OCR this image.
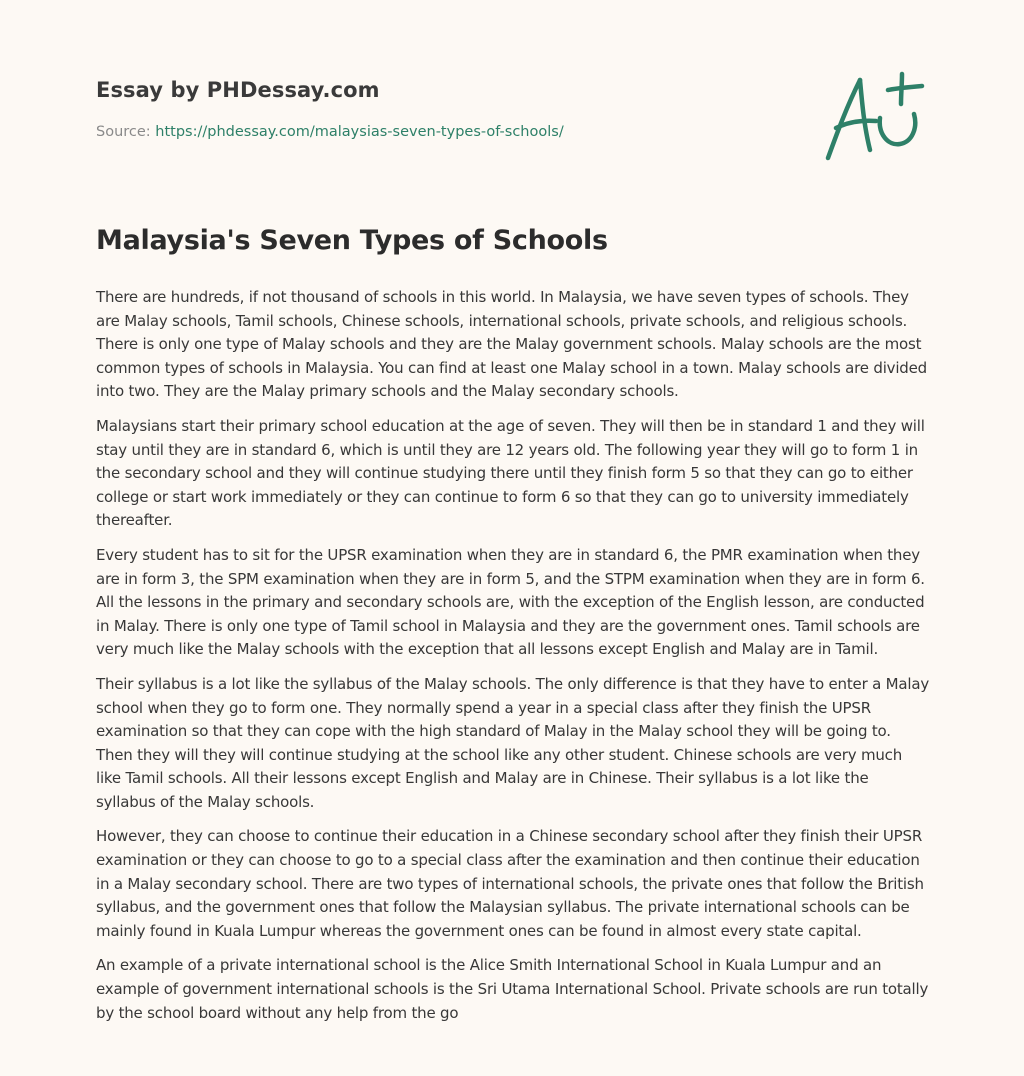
Essay by PHDessay.com
Source: https://phdessay.com/malaysias-seven-types-of-schools/
Malaysia's Seven Types of Schools

There are hundreds, if not thousand of schools in this world. In Malaysia, we have seven types of schools. They are Malay schools, Tamil schools, Chinese schools, international schools, private schools, and religious schools. There is only one type of Malay schools and they are the Malay government schools. Malay schools are the most common types of schools in Malaysia. You can find at least one Malay school in a town. Malay schools are divided into two. They are the Malay primary schools and the Malay secondary schools.

Malaysians start their primary school education at the age of seven. They will then be in standard 1 and they will stay until they are in standard 6, which is until they are 12 years old. The following year they will go to form 1 in the secondary school and they will continue studying there until they finish form 5 so that they can go to either college or start work immediately or they can continue to form 6 so that they can go to university immediately thereafter.

Every student has to sit for the UPSR examination when they are in standard 6, the PMR examination when they are in form 3, the SPM examination when they are in form 5, and the STPM examination when they are in form 6. All the lessons in the primary and secondary schools are, with the exception of the English lesson, are conducted in Malay. There is only one type of Tamil school in Malaysia and they are the government ones. Tamil schools are very much like the Malay schools with the exception that all lessons except English and Malay are in Tamil.

Their syllabus is a lot like the syllabus of the Malay schools. The only difference is that they have to enter a Malay school when they go to form one. They normally spend a year in a special class after they finish the UPSR examination so that they can cope with the high standard of Malay in the Malay school they will be going to. Then they will they will continue studying at the school like any other student. Chinese schools are very much like Tamil schools. All their lessons except English and Malay are in Chinese. Their syllabus is a lot like the syllabus of the Malay schools.

However, they can choose to continue their education in a Chinese secondary school after they finish their UPSR examination or they can choose to go to a special class after the examination and then continue their education in a Malay secondary school. There are two types of international schools, the private ones that follow the British syllabus, and the government ones that follow the Malaysian syllabus. The private international schools can be mainly found in Kuala Lumpur whereas the government ones can be found in almost every state capital.

An example of a private international school is the Alice Smith International School in Kuala Lumpur and an example of government international schools is the Sri Utama International School. Private schools are run totally by the school board without any help from the go
